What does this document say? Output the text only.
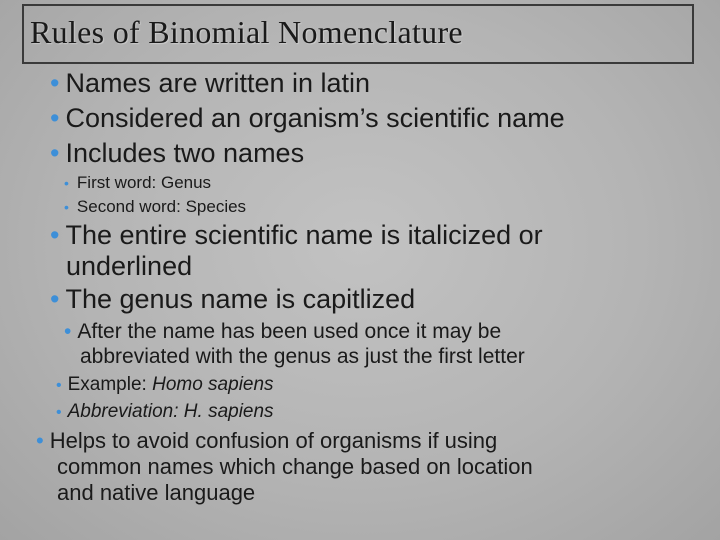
Rules of Binomial Nomenclature
• Names are written in latin
• Considered an organism’s scientific name
• Includes two names
• First word: Genus
• Second word: Species
• The entire scientific name is italicized or
underlined
• The genus name is capitlized
• After the name has been used once it may be
abbreviated with the genus as just the first letter
• Example: Homo sapiens
• Abbreviation: H. sapiens
• Helps to avoid confusion of organisms if using
common names which change based on location
and native language
